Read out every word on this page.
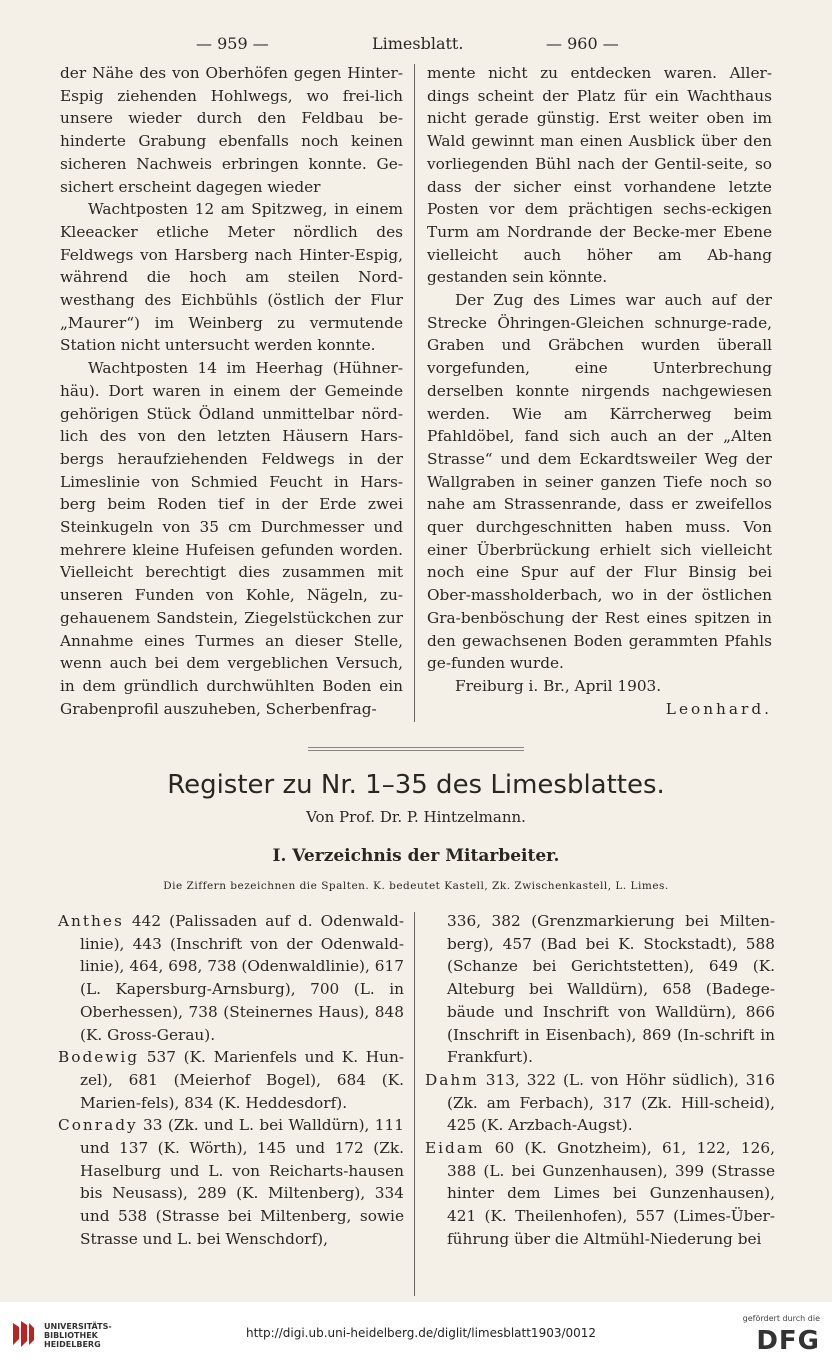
— 959 —	Limesblatt.	— 960 —

der Nähe des von Oberhöfen gegen Hinter-Espig ziehenden Hohlwegs, wo frei-lich unsere wieder durch den Feldbau be-hinderte Grabung ebenfalls noch keinen sicheren Nachweis erbringen konnte. Ge-sichert erscheint dagegen wieder

Wachtposten 12 am Spitzweg, in einem Kleeacker etliche Meter nördlich des Feldwegs von Harsberg nach Hinter-Espig, während die hoch am steilen Nord-westhang des Eichbühls (östlich der Flur „Maurer“) im Weinberg zu vermutende Station nicht untersucht werden konnte.

Wachtposten 14 im Heerhag (Hühner-häu). Dort waren in einem der Gemeinde gehörigen Stück Ödland unmittelbar nörd-lich des von den letzten Häusern Hars-bergs heraufziehenden Feldwegs in der Limeslinie von Schmied Feucht in Hars-berg beim Roden tief in der Erde zwei Steinkugeln von 35 cm Durchmesser und mehrere kleine Hufeisen gefunden worden. Vielleicht berechtigt dies zusammen mit unseren Funden von Kohle, Nägeln, zu-gehauenem Sandstein, Ziegelstückchen zur Annahme eines Turmes an dieser Stelle, wenn auch bei dem vergeblichen Versuch, in dem gründlich durchwühlten Boden ein Grabenprofil auszuheben, Scherbenfrag-

mente nicht zu entdecken waren. Aller-dings scheint der Platz für ein Wachthaus nicht gerade günstig. Erst weiter oben im Wald gewinnt man einen Ausblick über den vorliegenden Bühl nach der Gentil-seite, so dass der sicher einst vorhandene letzte Posten vor dem prächtigen sechs-eckigen Turm am Nordrande der Becke-mer Ebene vielleicht auch höher am Ab-hang gestanden sein könnte.

Der Zug des Limes war auch auf der Strecke Öhringen-Gleichen schnurge-rade, Graben und Gräbchen wurden überall vorgefunden, eine Unterbrechung derselben konnte nirgends nachgewiesen werden. Wie am Kärrcherweg beim Pfahldöbel, fand sich auch an der „Alten Strasse“ und dem Eckardtsweiler Weg der Wallgraben in seiner ganzen Tiefe noch so nahe am Strassenrande, dass er zweifellos quer durchgeschnitten haben muss. Von einer Überbrückung erhielt sich vielleicht noch eine Spur auf der Flur Binsig bei Ober-massholderbach, wo in der östlichen Gra-benböschung der Rest eines spitzen in den gewachsenen Boden gerammten Pfahls ge-funden wurde.

Freiburg i. Br., April 1903.

Leonhard.

Register zu Nr. 1–35 des Limesblattes.
Von Prof. Dr. P. Hintzelmann.
I. Verzeichnis der Mitarbeiter.
Die Ziffern bezeichnen die Spalten. K. bedeutet Kastell, Zk. Zwischenkastell, L. Limes.

Anthes 442 (Palissaden auf d. Odenwald-linie), 443 (Inschrift von der Odenwald-linie), 464, 698, 738 (Odenwaldlinie), 617 (L. Kapersburg-Arnsburg), 700 (L. in Oberhessen), 738 (Steinernes Haus), 848 (K. Gross-Gerau).

Bodewig 537 (K. Marienfels und K. Hun-zel), 681 (Meierhof Bogel), 684 (K. Marien-fels), 834 (K. Heddesdorf).

Conrady 33 (Zk. und L. bei Walldürn), 111 und 137 (K. Wörth), 145 und 172 (Zk. Haselburg und L. von Reicharts-hausen bis Neusass), 289 (K. Miltenberg), 334 und 538 (Strasse bei Miltenberg, sowie Strasse und L. bei Wenschdorf),

336, 382 (Grenzmarkierung bei Milten-berg), 457 (Bad bei K. Stockstadt), 588 (Schanze bei Gerichtstetten), 649 (K. Alteburg bei Walldürn), 658 (Badege-bäude und Inschrift von Walldürn), 866 (Inschrift in Eisenbach), 869 (In-schrift in Frankfurt).

Dahm 313, 322 (L. von Höhr südlich), 316 (Zk. am Ferbach), 317 (Zk. Hill-scheid), 425 (K. Arzbach-Augst).

Eidam 60 (K. Gnotzheim), 61, 122, 126, 388 (L. bei Gunzenhausen), 399 (Strasse hinter dem Limes bei Gunzenhausen), 421 (K. Theilenhofen), 557 (Limes-Über-führung über die Altmühl-Niederung bei

UNIVERSITÄTS-
BIBLIOTHEK
HEIDELBERG
http://digi.ub.uni-heidelberg.de/diglit/limesblatt1903/0012
gefördert durch die
DFG
